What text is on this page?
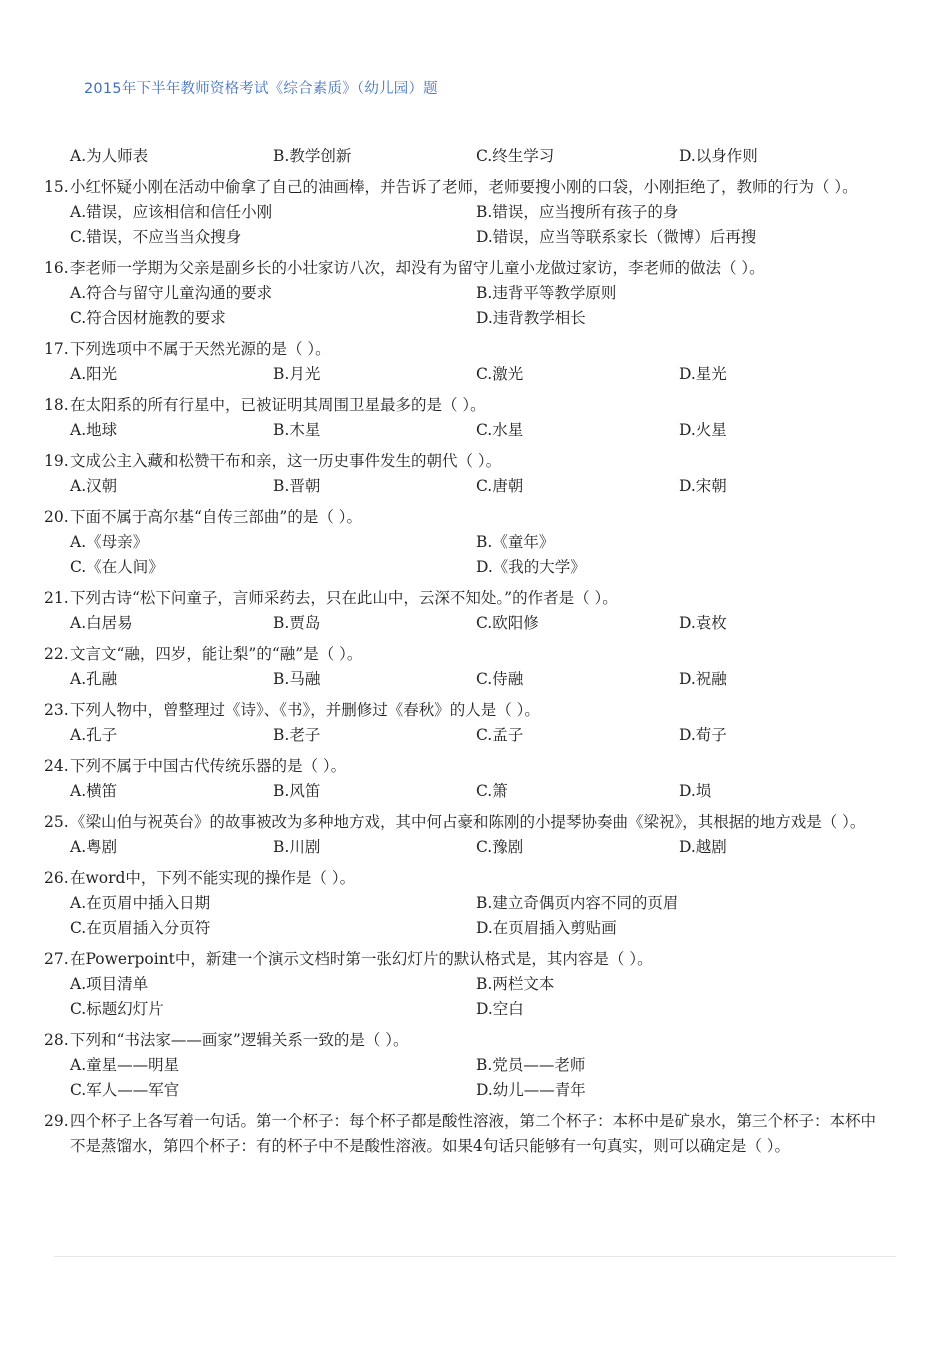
2015年下半年教师资格考试《综合素质》（幼儿园）题
A.为人师表	B.教学创新	C.终生学习	D.以身作则
15.小红怀疑小刚在活动中偷拿了自己的油画棒，并告诉了老师，老师要搜小刚的口袋，小刚拒绝了，教师的行为（ ）。
A.错误，应该相信和信任小刚	B.错误，应当搜所有孩子的身
C.错误，不应当当众搜身	D.错误，应当等联系家长（微博）后再搜
16.李老师一学期为父亲是副乡长的小壮家访八次，却没有为留守儿童小龙做过家访，李老师的做法（ ）。
A.符合与留守儿童沟通的要求	B.违背平等教学原则
C.符合因材施教的要求	D.违背教学相长
17.下列选项中不属于天然光源的是（ ）。
A.阳光	B.月光	C.激光	D.星光
18.在太阳系的所有行星中，已被证明其周围卫星最多的是（ ）。
A.地球	B.木星	C.水星	D.火星
19.文成公主入藏和松赞干布和亲，这一历史事件发生的朝代（ ）。
A.汉朝	B.晋朝	C.唐朝	D.宋朝
20.下面不属于高尔基“自传三部曲”的是（ ）。
A.《母亲》	B.《童年》
C.《在人间》	D.《我的大学》
21.下列古诗“松下问童子，言师采药去，只在此山中，云深不知处。”的作者是（ ）。
A.白居易	B.贾岛	C.欧阳修	D.袁枚
22.文言文“融，四岁，能让梨”的“融”是（ ）。
A.孔融	B.马融	C.侍融	D.祝融
23.下列人物中，曾整理过《诗》、《书》，并删修过《春秋》的人是（ ）。
A.孔子	B.老子	C.孟子	D.荀子
24.下列不属于中国古代传统乐器的是（ ）。
A.横笛	B.风笛	C.箫	D.埙
25.《梁山伯与祝英台》的故事被改为多种地方戏，其中何占豪和陈刚的小提琴协奏曲《梁祝》，其根据的地方戏是（ ）。
A.粤剧	B.川剧	C.豫剧	D.越剧
26.在word中，下列不能实现的操作是（ ）。
A.在页眉中插入日期	B.建立奇偶页内容不同的页眉
C.在页眉插入分页符	D.在页眉插入剪贴画
27.在Powerpoint中，新建一个演示文档时第一张幻灯片的默认格式是，其内容是（ ）。
A.项目清单	B.两栏文本
C.标题幻灯片	D.空白
28.下列和“书法家——画家”逻辑关系一致的是（ ）。
A.童星——明星	B.党员——老师
C.军人——军官	D.幼儿——青年
29.四个杯子上各写着一句话。第一个杯子：每个杯子都是酸性溶液，第二个杯子：本杯中是矿泉水，第三个杯子：本杯中不是蒸馏水，第四个杯子：有的杯子中不是酸性溶液。如果4句话只能够有一句真实，则可以确定是（ ）。
